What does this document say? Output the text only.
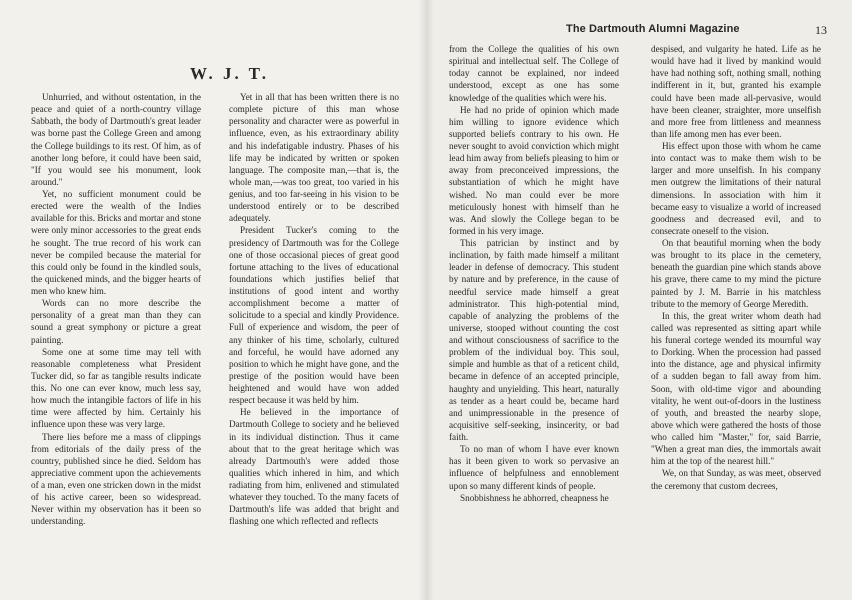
The Dartmouth Alumni Magazine	13
W. J. T.

Unhurried, and without ostentation, in the peace and quiet of a north-country village Sabbath, the body of Dartmouth's great leader was borne past the College Green and among the College buildings to its rest. Of him, as of another long before, it could have been said, "If you would see his monument, look around."

Yet, no sufficient monument could be erected were the wealth of the Indies available for this. Bricks and mortar and stone were only minor accessories to the great ends he sought. The true record of his work can never be compiled because the material for this could only be found in the kindled souls, the quickened minds, and the bigger hearts of men who knew him.

Words can no more describe the personality of a great man than they can sound a great symphony or picture a great painting.

Some one at some time may tell with reasonable completeness what President Tucker did, so far as tangible results indicate this. No one can ever know, much less say, how much the intangible factors of life in his time were affected by him. Certainly his influence upon these was very large.

There lies before me a mass of clippings from editorials of the daily press of the country, published since he died. Seldom has appreciative comment upon the achievements of a man, even one stricken down in the midst of his active career, been so widespread. Never within my observation has it been so understanding.

Yet in all that has been written there is no complete picture of this man whose personality and character were as powerful in influence, even, as his extraordinary ability and his indefatigable industry. Phases of his life may be indicated by written or spoken language. The composite man,—that is, the whole man,—was too great, too varied in his genius, and too far-seeing in his vision to be understood entirely or to be described adequately.

President Tucker's coming to the presidency of Dartmouth was for the College one of those occasional pieces of great good fortune attaching to the lives of educational foundations which justifies belief that institutions of good intent and worthy accomplishment become a matter of solicitude to a special and kindly Providence. Full of experience and wisdom, the peer of any thinker of his time, scholarly, cultured and forceful, he would have adorned any position to which he might have gone, and the prestige of the position would have been heightened and would have won added respect because it was held by him.

He believed in the importance of Dartmouth College to society and he believed in its individual distinction. Thus it came about that to the great heritage which was already Dartmouth's were added those qualities which inhered in him, and which radiating from him, enlivened and stimulated whatever they touched. To the many facets of Dartmouth's life was added that bright and flashing one which reflected and reflects

from the College the qualities of his own spiritual and intellectual self. The College of today cannot be explained, nor indeed understood, except as one has some knowledge of the qualities which were his.

He had no pride of opinion which made him willing to ignore evidence which supported beliefs contrary to his own. He never sought to avoid conviction which might lead him away from beliefs pleasing to him or away from preconceived impressions, the substantiation of which he might have wished. No man could ever be more meticulously honest with himself than he was. And slowly the College began to be formed in his very image.

This patrician by instinct and by inclination, by faith made himself a militant leader in defense of democracy. This student by nature and by preference, in the cause of needful service made himself a great administrator. This high-potential mind, capable of analyzing the problems of the universe, stooped without counting the cost and without consciousness of sacrifice to the problem of the individual boy. This soul, simple and humble as that of a reticent child, became in defence of an accepted principle, haughty and unyielding. This heart, naturally as tender as a heart could be, became hard and unimpressionable in the presence of acquisitive self-seeking, insincerity, or bad faith.

To no man of whom I have ever known has it been given to work so pervasive an influence of helpfulness and ennoblement upon so many different kinds of people.

Snobbishness he abhorred, cheapness he

despised, and vulgarity he hated. Life as he would have had it lived by mankind would have had nothing soft, nothing small, nothing indifferent in it, but, granted his example could have been made all-pervasive, would have been cleaner, straighter, more unselfish and more free from littleness and meanness than life among men has ever been.

His effect upon those with whom he came into contact was to make them wish to be larger and more unselfish. In his company men outgrew the limitations of their natural dimensions. In association with him it became easy to visualize a world of increased goodness and decreased evil, and to consecrate oneself to the vision.

On that beautiful morning when the body was brought to its place in the cemetery, beneath the guardian pine which stands above his grave, there came to my mind the picture painted by J. M. Barrie in his matchless tribute to the memory of George Meredith.

In this, the great writer whom death had called was represented as sitting apart while his funeral cortege wended its mournful way to Dorking. When the procession had passed into the distance, age and physical infirmity of a sudden began to fall away from him. Soon, with old-time vigor and abounding vitality, he went out-of-doors in the lustiness of youth, and breasted the nearby slope, above which were gathered the hosts of those who called him "Master," for, said Barrie, "When a great man dies, the immortals await him at the top of the nearest hill."

We, on that Sunday, as was meet, observed the ceremony that custom decrees,
